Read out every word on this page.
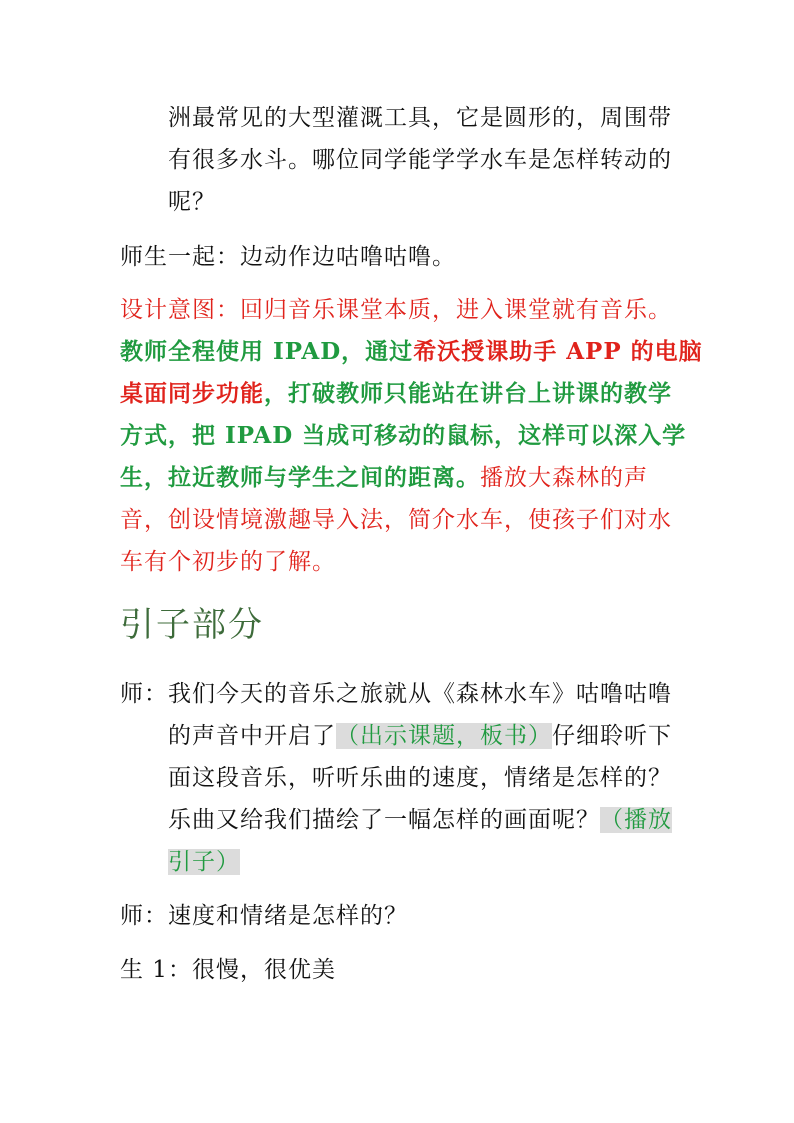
洲最常见的大型灌溉工具，它是圆形的，周围带
有很多水斗。哪位同学能学学水车是怎样转动的
呢？
师生一起：边动作边咕噜咕噜。
设计意图：回归音乐课堂本质，进入课堂就有音乐。
教师全程使用 IPAD，通过希沃授课助手 APP 的电脑
桌面同步功能，打破教师只能站在讲台上讲课的教学
方式，把 IPAD 当成可移动的鼠标，这样可以深入学
生，拉近教师与学生之间的距离。播放大森林的声
音，创设情境激趣导入法，简介水车，使孩子们对水
车有个初步的了解。
引子部分
师：我们今天的音乐之旅就从《森林水车》咕噜咕噜
的声音中开启了（出示课题，板书）仔细聆听下
面这段音乐，听听乐曲的速度，情绪是怎样的？
乐曲又给我们描绘了一幅怎样的画面呢？（播放
引子）
师：速度和情绪是怎样的？
生 1：很慢，很优美
